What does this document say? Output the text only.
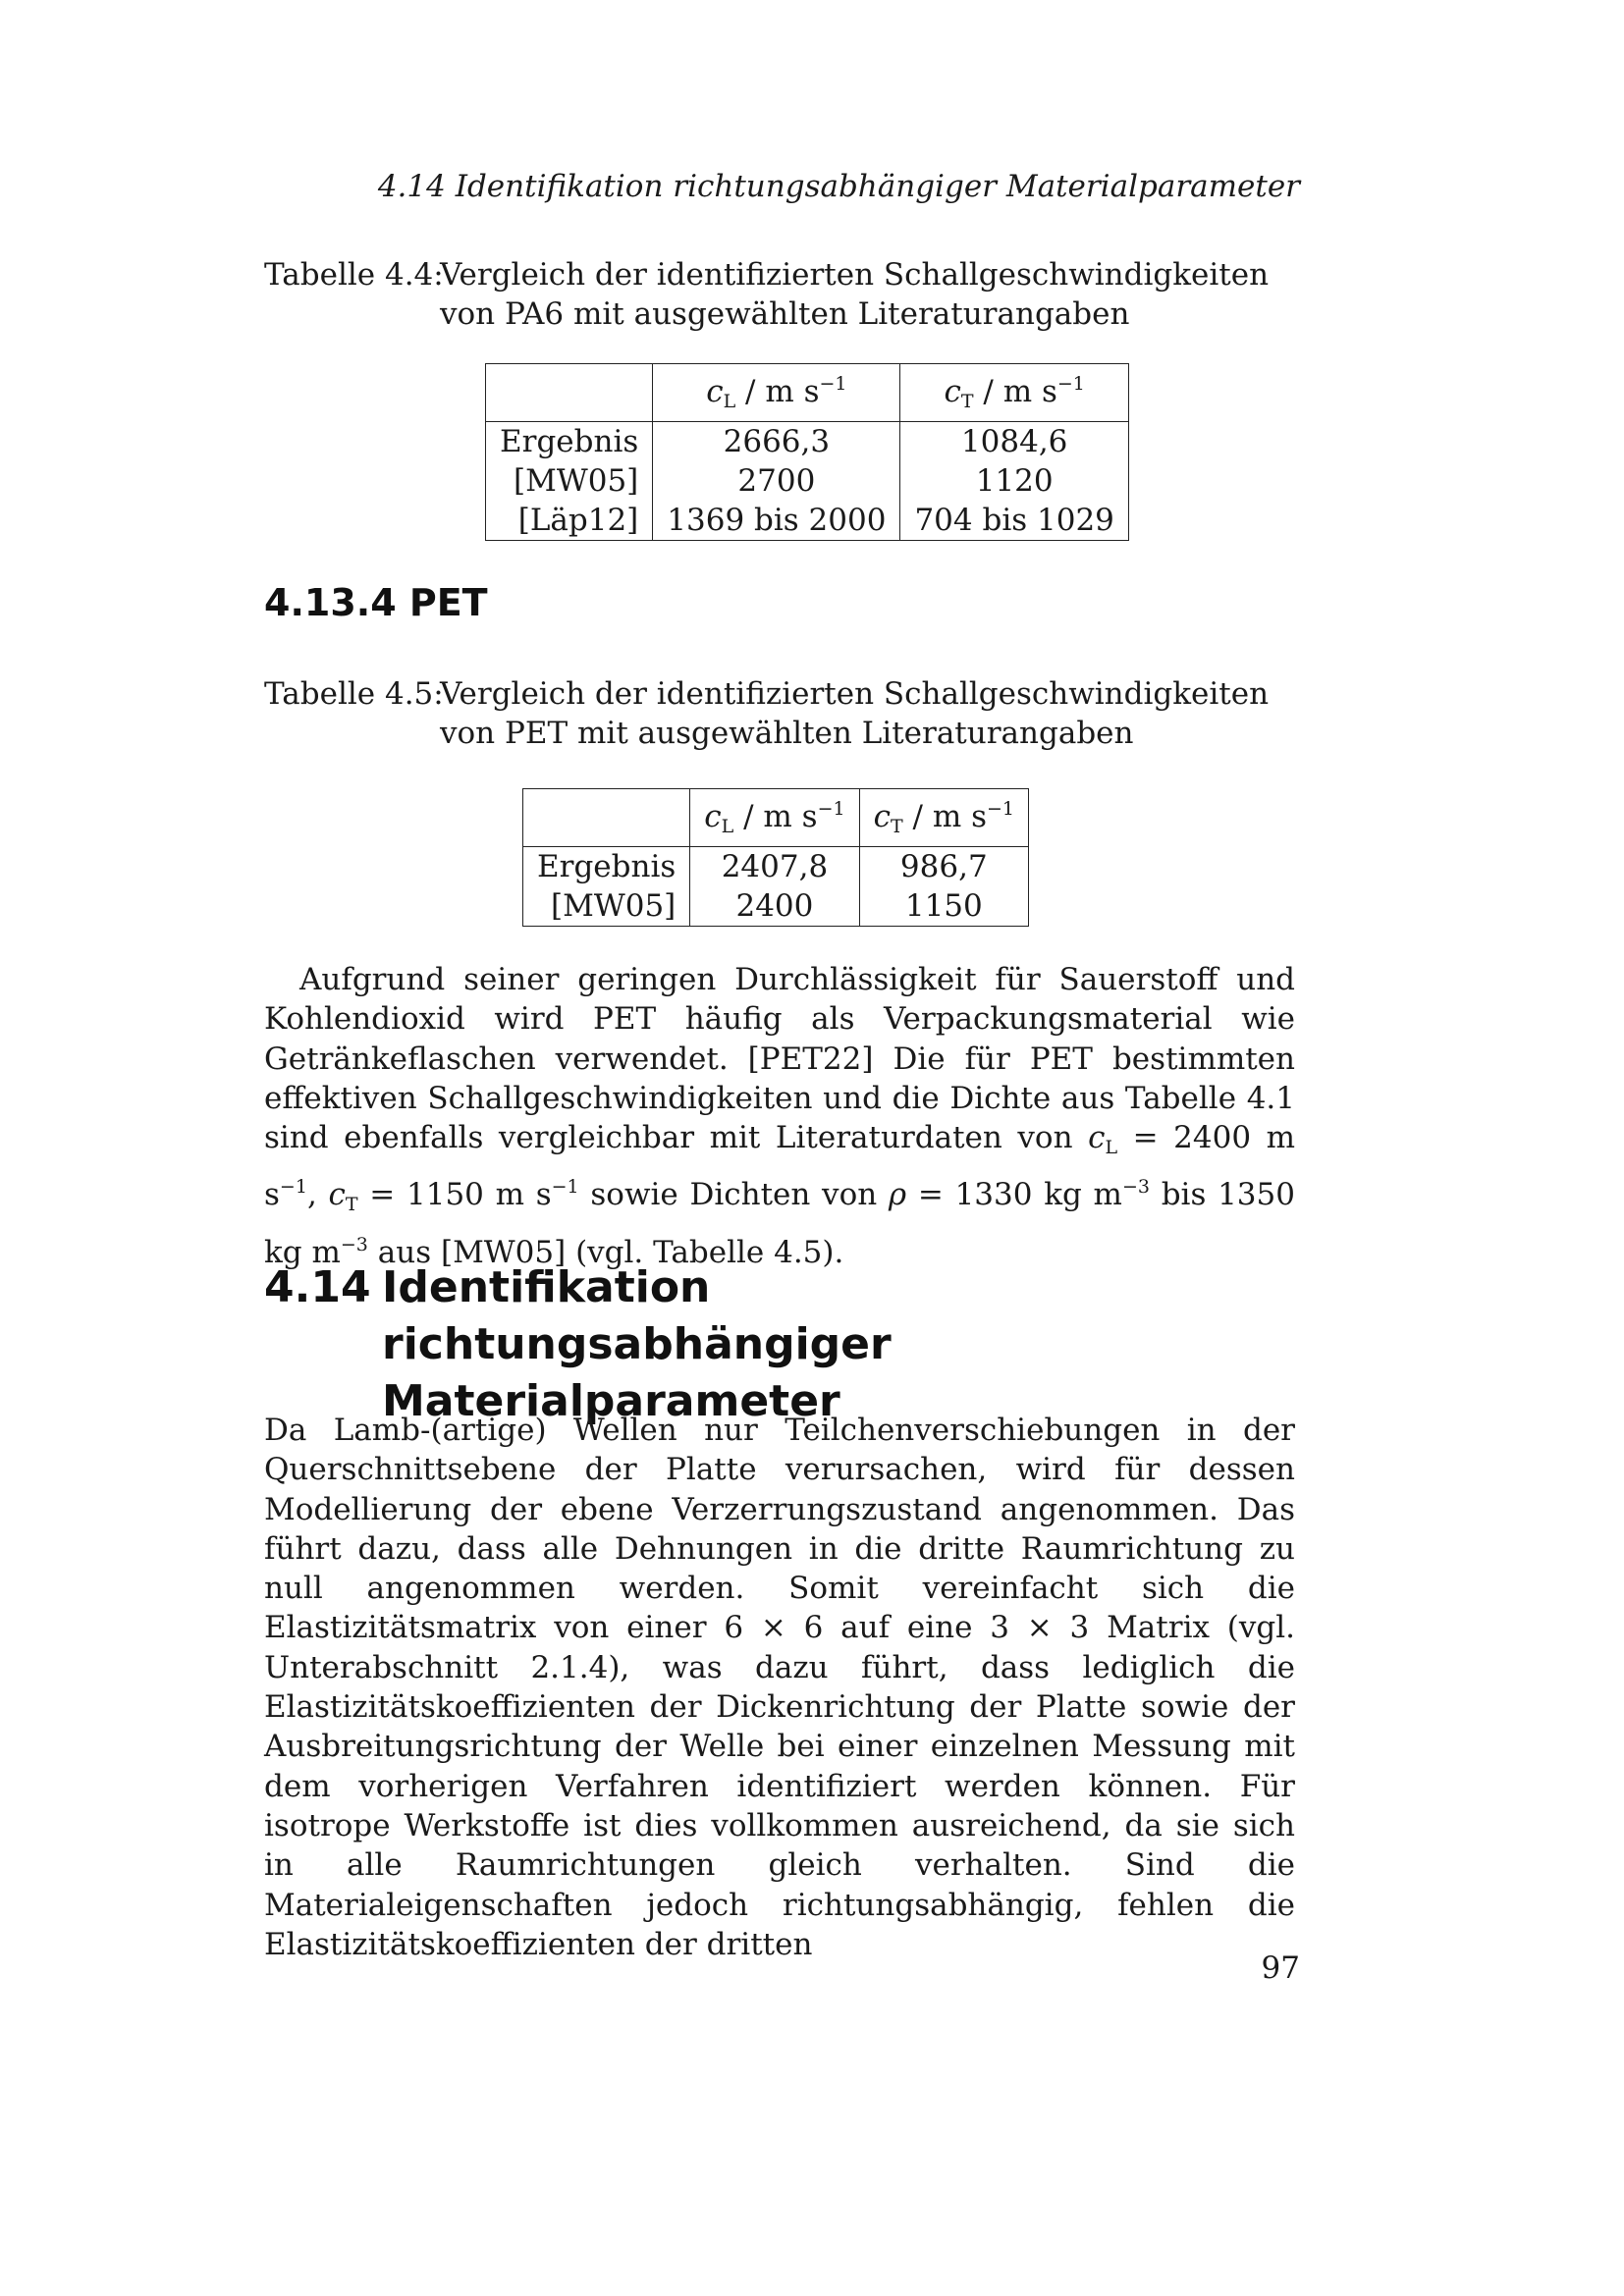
4.14 Identifikation richtungsabhängiger Materialparameter
Tabelle 4.4:
Vergleich der identifizierten Schallgeschwindigkeiten von PA6 mit ausgewählten Literaturangaben
	$c_L$ / m $s^{-1}$	$c_T$ / m $s^{-1}$
Ergebnis	2666,3	1084,6
[MW05]	2700	1120
[Läp12]	1369 bis 2000	704 bis 1029
4.13.4 PET
Tabelle 4.5:
Vergleich der identifizierten Schallgeschwindigkeiten von PET mit ausgewählten Literaturangaben
	$c_L$ / m $s^{-1}$	$c_T$ / m $s^{-1}$
Ergebnis	2407,8	986,7
[MW05]	2400	1150

Aufgrund seiner geringen Durchlässigkeit für Sauerstoff und Kohlendioxid wird PET häufig als Verpackungsmaterial wie Getränkeflaschen verwendet. [PET22] Die für PET bestimmten effektiven Schallgeschwindigkeiten und die Dichte aus Tabelle 4.1 sind ebenfalls vergleichbar mit Literaturdaten von $c_L = 2400$ m $s^{-1}$, $c_T = 1150$ m $s^{-1}$ sowie Dichten von ρ = 1330 kg $m^{-3}$ bis 1350 kg $m^{-3}$ aus [MW05] (vgl. Tabelle 4.5).

4.14 Identifikation richtungsabhängiger Materialparameter

Da Lamb-(artige) Wellen nur Teilchenverschiebungen in der Querschnittsebene der Platte verursachen, wird für dessen Modellierung der ebene Verzerrungszustand angenommen. Das führt dazu, dass alle Dehnungen in die dritte Raumrichtung zu null angenommen werden. Somit vereinfacht sich die Elastizitätsmatrix von einer 6 × 6 auf eine 3 × 3 Matrix (vgl. Unterabschnitt 2.1.4), was dazu führt, dass lediglich die Elastizitätskoeffizienten der Dickenrichtung der Platte sowie der Ausbreitungsrichtung der Welle bei einer einzelnen Messung mit dem vorherigen Verfahren identifiziert werden können. Für isotrope Werkstoffe ist dies vollkommen ausreichend, da sie sich in alle Raumrichtungen gleich verhalten. Sind die Materialeigenschaften jedoch richtungsabhängig, fehlen die Elastizitätskoeffizienten der dritten

97
